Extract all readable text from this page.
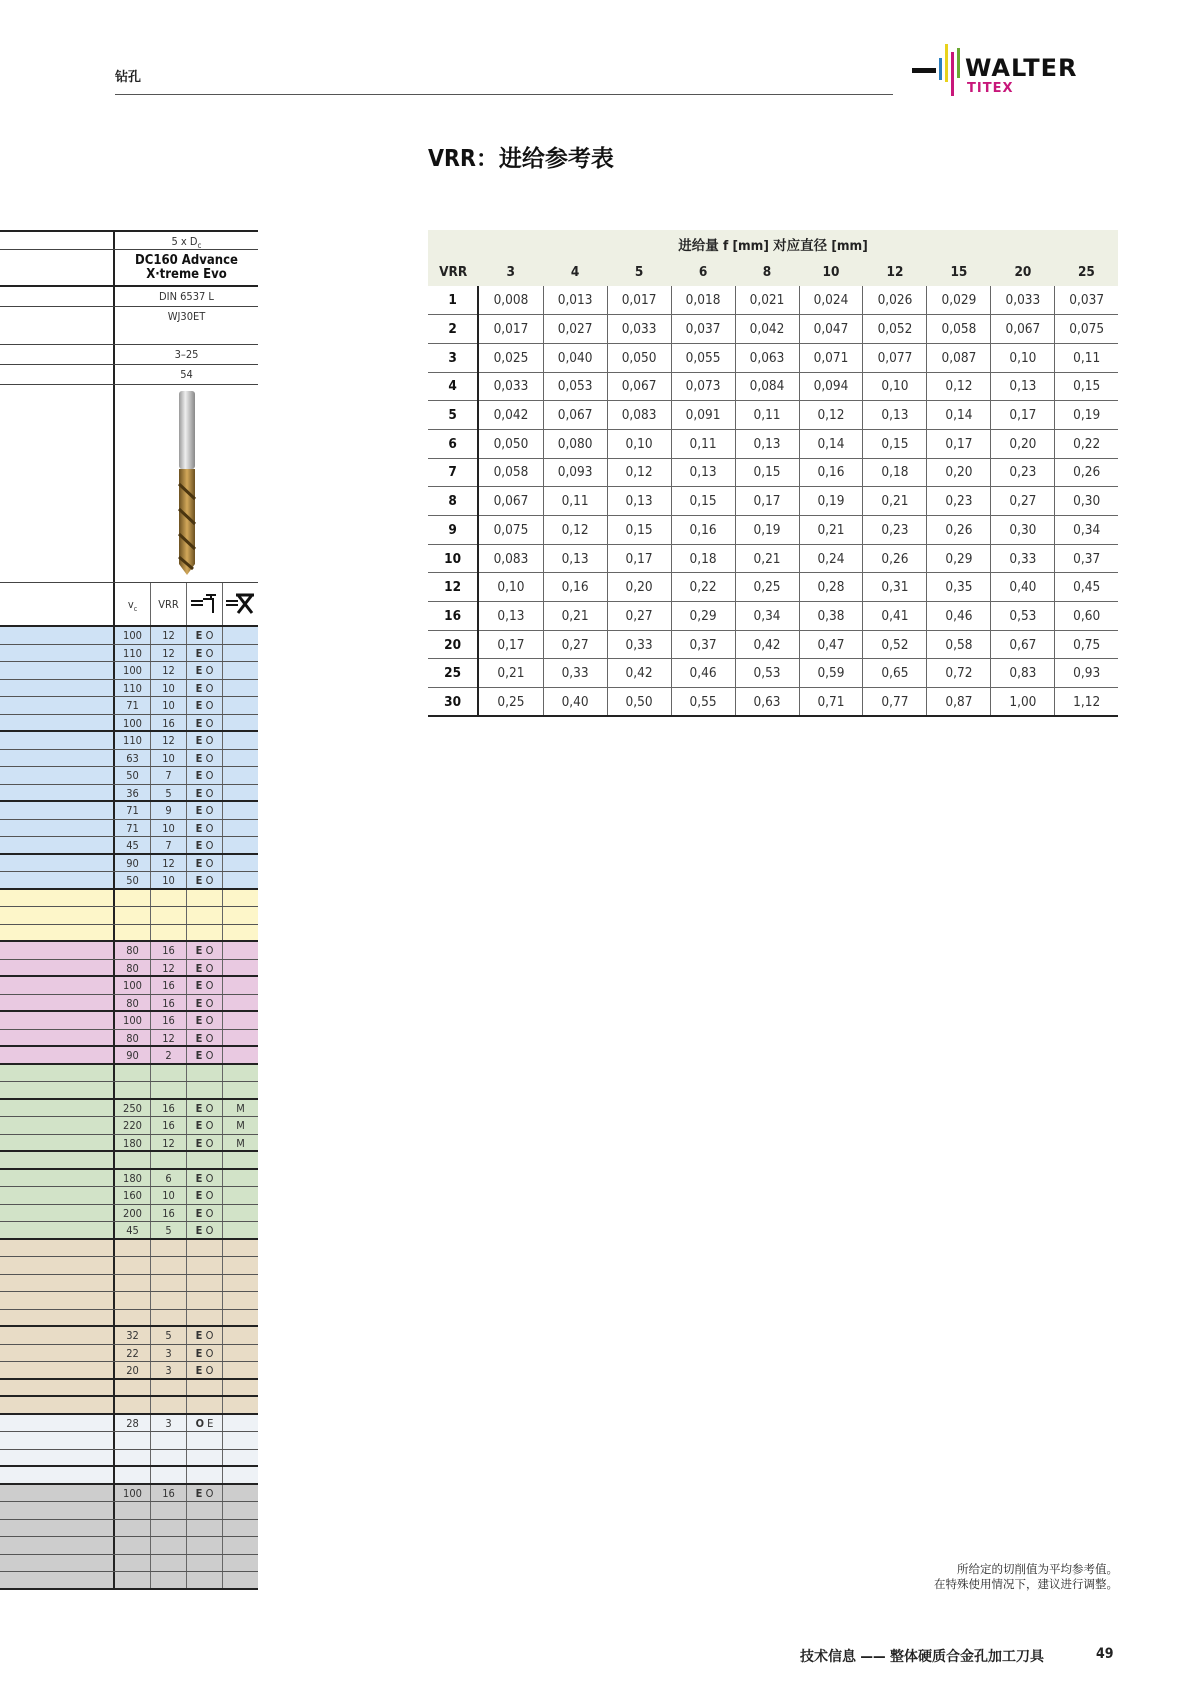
钻孔	WALTER
TITEX
VRR：进给参考表
5 x $D_c$
DC160 Advance
X·treme Evo
DIN 6537 L
WJ30ET
3–25
54
$v_c$	VRR
100	12	E O
110	12	E O
100	12	E O
110	10	E O
71	10	E O
100	16	E O
110	12	E O
63	10	E O
50	7	E O
36	5	E O
71	9	E O
71	10	E O
45	7	E O
90	12	E O
50	10	E O
80	16	E O
80	12	E O
100	16	E O
80	16	E O
100	16	E O
80	12	E O
90	2	E O
250	16	E O	M
220	16	E O	M
180	12	E O	M
180	6	E O
160	10	E O
200	16	E O
45	5	E O
32	5	E O
22	3	E O
20	3	E O
28	3	O E
100	16	E O
进给量 f [mm] 对应直径 [mm]										
VRR	3	4	5	6	8	10	12	15	20	25
1	0,008	0,013	0,017	0,018	0,021	0,024	0,026	0,029	0,033	0,037
2	0,017	0,027	0,033	0,037	0,042	0,047	0,052	0,058	0,067	0,075
3	0,025	0,040	0,050	0,055	0,063	0,071	0,077	0,087	0,10	0,11
4	0,033	0,053	0,067	0,073	0,084	0,094	0,10	0,12	0,13	0,15
5	0,042	0,067	0,083	0,091	0,11	0,12	0,13	0,14	0,17	0,19
6	0,050	0,080	0,10	0,11	0,13	0,14	0,15	0,17	0,20	0,22
7	0,058	0,093	0,12	0,13	0,15	0,16	0,18	0,20	0,23	0,26
8	0,067	0,11	0,13	0,15	0,17	0,19	0,21	0,23	0,27	0,30
9	0,075	0,12	0,15	0,16	0,19	0,21	0,23	0,26	0,30	0,34
10	0,083	0,13	0,17	0,18	0,21	0,24	0,26	0,29	0,33	0,37
12	0,10	0,16	0,20	0,22	0,25	0,28	0,31	0,35	0,40	0,45
16	0,13	0,21	0,27	0,29	0,34	0,38	0,41	0,46	0,53	0,60
20	0,17	0,27	0,33	0,37	0,42	0,47	0,52	0,58	0,67	0,75
25	0,21	0,33	0,42	0,46	0,53	0,59	0,65	0,72	0,83	0,93
30	0,25	0,40	0,50	0,55	0,63	0,71	0,77	0,87	1,00	1,12
所给定的切削值为平均参考值。
在特殊使用情况下，建议进行调整。
技术信息 —— 整体硬质合金孔加工刀具	49
